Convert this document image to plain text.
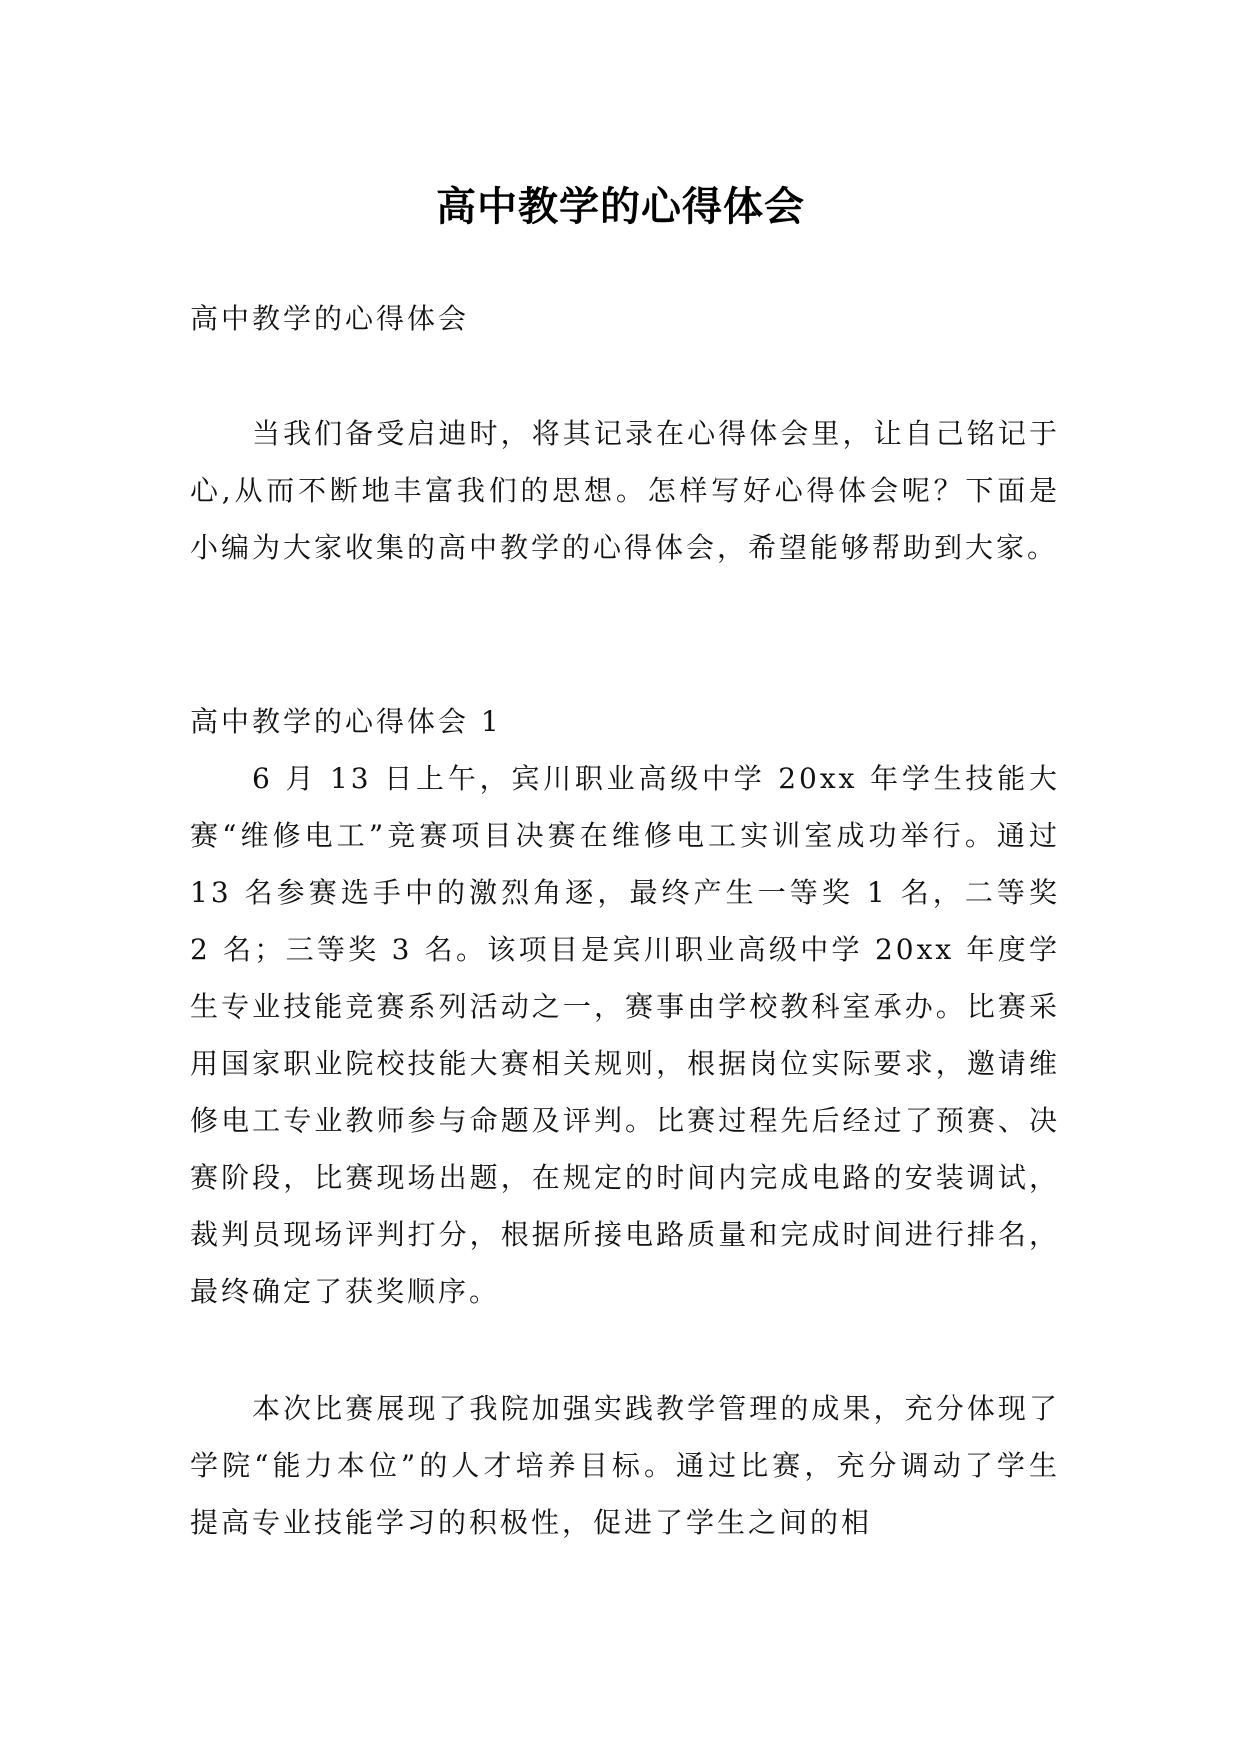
高中教学的心得体会

高中教学的心得体会

当我们备受启迪时，将其记录在心得体会里，让自己铭记于心,从而不断地丰富我们的思想。怎样写好心得体会呢？下面是小编为大家收集的高中教学的心得体会，希望能够帮助到大家。

高中教学的心得体会 1

6 月 13 日上午，宾川职业高级中学 20xx 年学生技能大赛“维修电工”竞赛项目决赛在维修电工实训室成功举行。通过 13 名参赛选手中的激烈角逐，最终产生一等奖 1 名，二等奖 2 名；三等奖 3 名。该项目是宾川职业高级中学 20xx 年度学生专业技能竞赛系列活动之一，赛事由学校教科室承办。比赛采用国家职业院校技能大赛相关规则，根据岗位实际要求，邀请维修电工专业教师参与命题及评判。比赛过程先后经过了预赛、决赛阶段，比赛现场出题，在规定的时间内完成电路的安装调试，裁判员现场评判打分，根据所接电路质量和完成时间进行排名，最终确定了获奖顺序。

本次比赛展现了我院加强实践教学管理的成果，充分体现了学院“能力本位”的人才培养目标。通过比赛，充分调动了学生提高专业技能学习的积极性，促进了学生之间的相
